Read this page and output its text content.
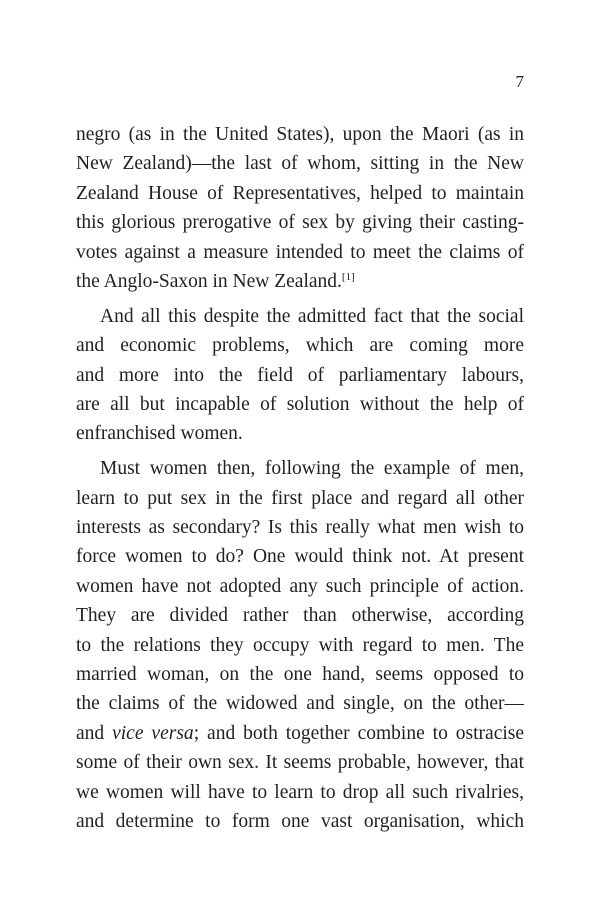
7
negro (as in the United States), upon the Maori (as in
New Zealand)—the last of whom, sitting in the New
Zealand House of Representatives, helped to maintain
this glorious prerogative of sex by giving their casting-
votes against a measure intended to meet the claims of
the Anglo-Saxon in New Zealand.[1]
And all this despite the admitted fact that the social
and economic problems, which are coming more
and more into the field of parliamentary labours,
are all but incapable of solution without the help of
enfranchised women.
Must women then, following the example of men,
learn to put sex in the first place and regard all other
interests as secondary? Is this really what men wish to
force women to do? One would think not. At present
women have not adopted any such principle of action.
They are divided rather than otherwise, according
to the relations they occupy with regard to men. The
married woman, on the one hand, seems opposed to
the claims of the widowed and single, on the other—
and vice versa; and both together combine to ostracise
some of their own sex. It seems probable, however, that
we women will have to learn to drop all such rivalries,
and determine to form one vast organisation, which
